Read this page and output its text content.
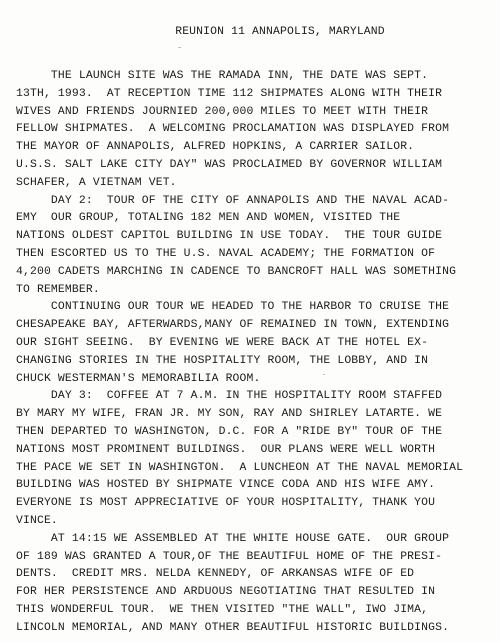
REUNION 11 ANNAPOLIS, MARYLAND
THE LAUNCH SITE WAS THE RAMADA INN, THE DATE WAS SEPT.
13TH, 1993.  AT RECEPTION TIME 112 SHIPMATES ALONG WITH THEIR
WIVES AND FRIENDS JOURNIED 200,000 MILES TO MEET WITH THEIR
FELLOW SHIPMATES.  A WELCOMING PROCLAMATION WAS DISPLAYED FROM
THE MAYOR OF ANNAPOLIS, ALFRED HOPKINS, A CARRIER SAILOR.
U.S.S. SALT LAKE CITY DAY" WAS PROCLAIMED BY GOVERNOR WILLIAM
SCHAFER, A VIETNAM VET.
DAY 2:  TOUR OF THE CITY OF ANNAPOLIS AND THE NAVAL ACAD-
EMY  OUR GROUP, TOTALING 182 MEN AND WOMEN, VISITED THE
NATIONS OLDEST CAPITOL BUILDING IN USE TODAY.  THE TOUR GUIDE
THEN ESCORTED US TO THE U.S. NAVAL ACADEMY; THE FORMATION OF
4,200 CADETS MARCHING IN CADENCE TO BANCROFT HALL WAS SOMETHING
TO REMEMBER.
CONTINUING OUR TOUR WE HEADED TO THE HARBOR TO CRUISE THE
CHESAPEAKE BAY, AFTERWARDS,MANY OF REMAINED IN TOWN, EXTENDING
OUR SIGHT SEEING.  BY EVENING WE WERE BACK AT THE HOTEL EX-
CHANGING STORIES IN THE HOSPITALITY ROOM, THE LOBBY, AND IN
CHUCK WESTERMAN'S MEMORABILIA ROOM.
DAY 3:  COFFEE AT 7 A.M. IN THE HOSPITALITY ROOM STAFFED
BY MARY MY WIFE, FRAN JR. MY SON, RAY AND SHIRLEY LATARTE. WE
THEN DEPARTED TO WASHINGTON, D.C. FOR A "RIDE BY" TOUR OF THE
NATIONS MOST PROMINENT BUILDINGS.  OUR PLANS WERE WELL WORTH
THE PACE WE SET IN WASHINGTON.  A LUNCHEON AT THE NAVAL MEMORIAL
BUILDING WAS HOSTED BY SHIPMATE VINCE CODA AND HIS WIFE AMY.
EVERYONE IS MOST APPRECIATIVE OF YOUR HOSPITALITY, THANK YOU
VINCE.
AT 14:15 WE ASSEMBLED AT THE WHITE HOUSE GATE.  OUR GROUP
OF 189 WAS GRANTED A TOUR,OF THE BEAUTIFUL HOME OF THE PRESI-
DENTS.  CREDIT MRS. NELDA KENNEDY, OF ARKANSAS WIFE OF ED
FOR HER PERSISTENCE AND ARDUOUS NEGOTIATING THAT RESULTED IN
THIS WONDERFUL TOUR.  WE THEN VISITED "THE WALL", IWO JIMA,
LINCOLN MEMORIAL, AND MANY OTHER BEAUTIFUL HISTORIC BUILDINGS.
